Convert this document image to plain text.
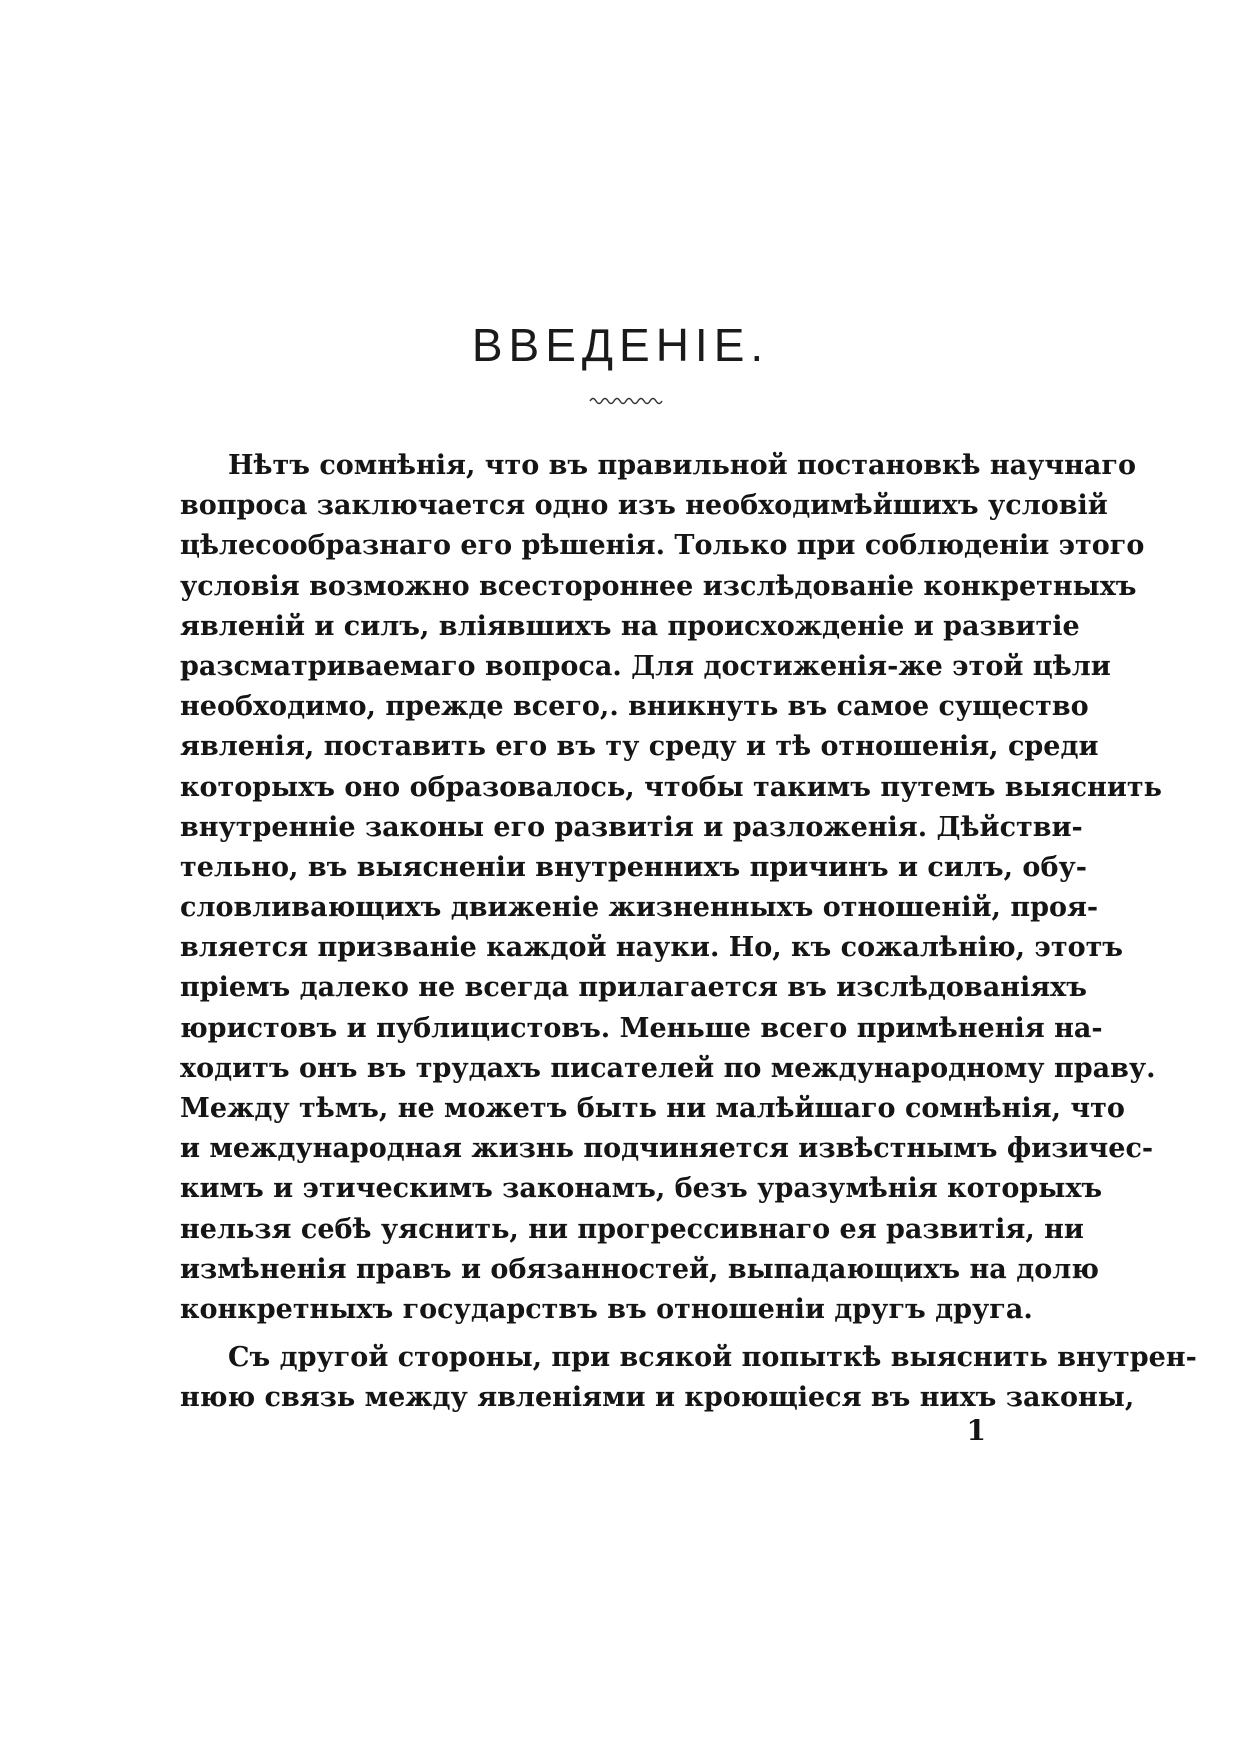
ВВЕДЕНIЕ.

Нѣтъ сомнѣнія, что въ правильной постановкѣ научнаго
вопроса заключается одно изъ необходимѣйшихъ условій
цѣлесообразнаго его рѣшенія. Только при соблюденіи этого
условія возможно всестороннее изслѣдованіе конкретныхъ
явленій и силъ, вліявшихъ на происхожденіе и развитіе
разсматриваемаго вопроса. Для достиженія-же этой цѣли
необходимо, прежде всего,. вникнуть въ самое существо
явленія, поставить его въ ту среду и тѣ отношенія, среди
которыхъ оно образовалось, чтобы такимъ путемъ выяснить
внутренніе законы его развитія и разложенія. Дѣйстви-
тельно, въ выясненіи внутреннихъ причинъ и силъ, обу-
словливающихъ движеніе жизненныхъ отношеній, проя-
вляется призваніе каждой науки. Но, къ сожалѣнію, этотъ
пріемъ далеко не всегда прилагается въ изслѣдованіяхъ
юристовъ и публицистовъ. Меньше всего примѣненія на-
ходитъ онъ въ трудахъ писателей по международному праву.
Между тѣмъ, не можетъ быть ни малѣйшаго сомнѣнія, что
и международная жизнь подчиняется извѣстнымъ физичес-
кимъ и этическимъ законамъ, безъ уразумѣнія которыхъ
нельзя себѣ уяснить, ни прогрессивнаго ея развитія, ни
измѣненія правъ и обязанностей, выпадающихъ на долю
конкретныхъ государствъ въ отношеніи другъ друга.

Съ другой стороны, при всякой попыткѣ выяснить внутрен-
нюю связь между явленіями и кроющіеся въ нихъ законы,

1
